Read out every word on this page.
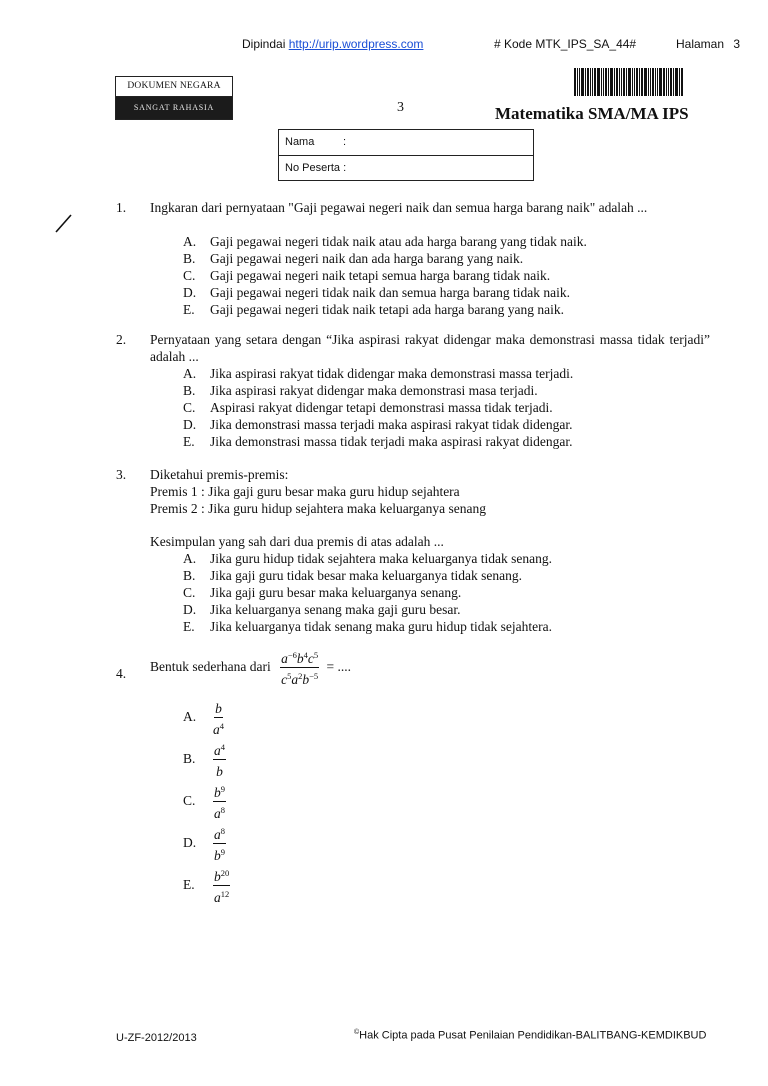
Dipindai http://urip.wordpress.com	# Kode MTK_IPS_SA_44#	Halaman 3
DOKUMEN NEGARA
SANGAT RAHASIA	3	Matematika SMA/MA IPS
Nama	:
No Peserta :
1. Ingkaran dari pernyataan "Gaji pegawai negeri naik dan semua harga barang naik" adalah ...
A. Gaji pegawai negeri tidak naik atau ada harga barang yang tidak naik.
B. Gaji pegawai negeri naik dan ada harga barang yang naik.
C. Gaji pegawai negeri naik tetapi semua harga barang tidak naik.
D. Gaji pegawai negeri tidak naik dan semua harga barang tidak naik.
E. Gaji pegawai negeri tidak naik tetapi ada harga barang yang naik.
2. Pernyataan yang setara dengan “Jika aspirasi rakyat didengar maka demonstrasi massa tidak terjadi” adalah ...
A. Jika aspirasi rakyat tidak didengar maka demonstrasi massa terjadi.
B. Jika aspirasi rakyat didengar maka demonstrasi masa terjadi.
C. Aspirasi rakyat didengar tetapi demonstrasi massa tidak terjadi.
D. Jika demonstrasi massa terjadi maka aspirasi rakyat tidak didengar.
E. Jika demonstrasi massa tidak terjadi maka aspirasi rakyat didengar.
3. Diketahui premis-premis:
Premis 1 : Jika gaji guru besar maka guru hidup sejahtera
Premis 2 : Jika guru hidup sejahtera maka keluarganya senang
Kesimpulan yang sah dari dua premis di atas adalah ...
A. Jika guru hidup tidak sejahtera maka keluarganya tidak senang.
B. Jika gaji guru tidak besar maka keluarganya tidak senang.
C. Jika gaji guru besar maka keluarganya senang.
D. Jika keluarganya senang maka gaji guru besar.
E. Jika keluarganya tidak senang maka guru hidup tidak sejahtera.
4. Bentuk sederhana dari $\frac{a^{-6}b^4c^5}{c^5a^2b^{-5}}$ = ....
A.	$\frac{b}{a^4}$
B.	$\frac{a^4}{b}$
C.	$\frac{b^9}{a^8}$
D.	$\frac{a^8}{b^9}$
E.	$\frac{b^{20}}{a^{12}}$
U-ZF-2012/2013	©Hak Cipta pada Pusat Penilaian Pendidikan-BALITBANG-KEMDIKBUD
